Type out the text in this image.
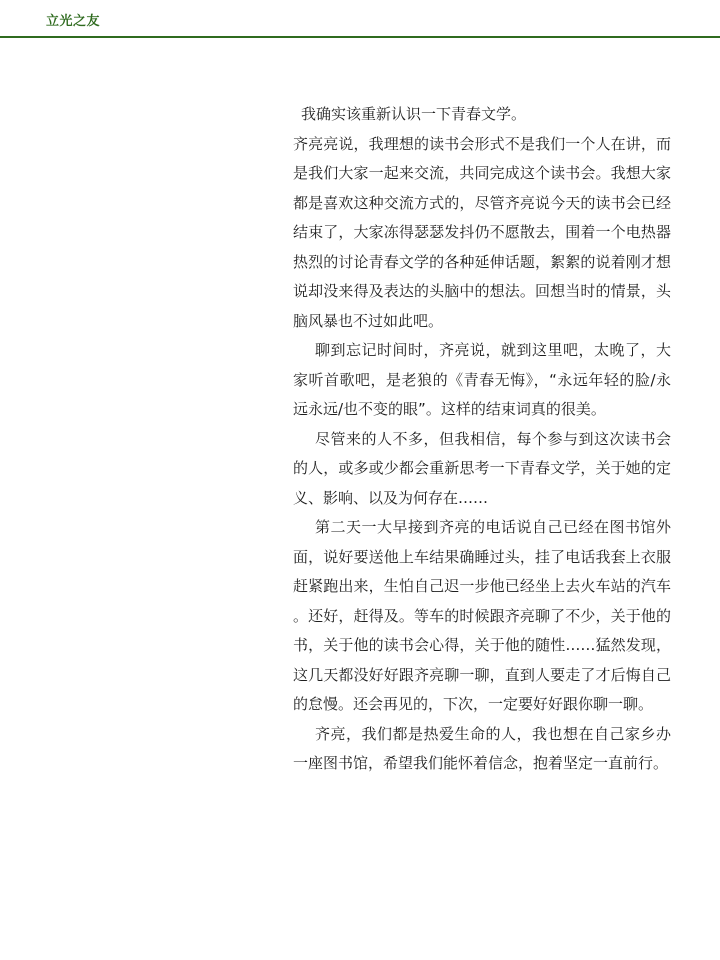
立光之友

我确实该重新认识一下青春文学。

齐亮亮说，我理想的读书会形式不是我们一个人在讲，而是我们大家一起来交流，共同完成这个读书会。我想大家都是喜欢这种交流方式的，尽管齐亮说今天的读书会已经结束了，大家冻得瑟瑟发抖仍不愿散去，围着一个电热器热烈的讨论青春文学的各种延伸话题，絮絮的说着刚才想说却没来得及表达的头脑中的想法。回想当时的情景，头脑风暴也不过如此吧。

聊到忘记时间时，齐亮说，就到这里吧，太晚了，大家听首歌吧，是老狼的《青春无悔》，“永远年轻的脸/永远永远/也不变的眼”。这样的结束词真的很美。

尽管来的人不多，但我相信，每个参与到这次读书会的人，或多或少都会重新思考一下青春文学，关于她的定义、影响、以及为何存在……

第二天一大早接到齐亮的电话说自己已经在图书馆外面，说好要送他上车结果确睡过头，挂了电话我套上衣服赶紧跑出来，生怕自己迟一步他已经坐上去火车站的汽车。还好，赶得及。等车的时候跟齐亮聊了不少，关于他的书，关于他的读书会心得，关于他的随性……猛然发现，这几天都没好好跟齐亮聊一聊，直到人要走了才后悔自己的怠慢。还会再见的，下次，一定要好好跟你聊一聊。

齐亮，我们都是热爱生命的人，我也想在自己家乡办一座图书馆，希望我们能怀着信念，抱着坚定一直前行。
